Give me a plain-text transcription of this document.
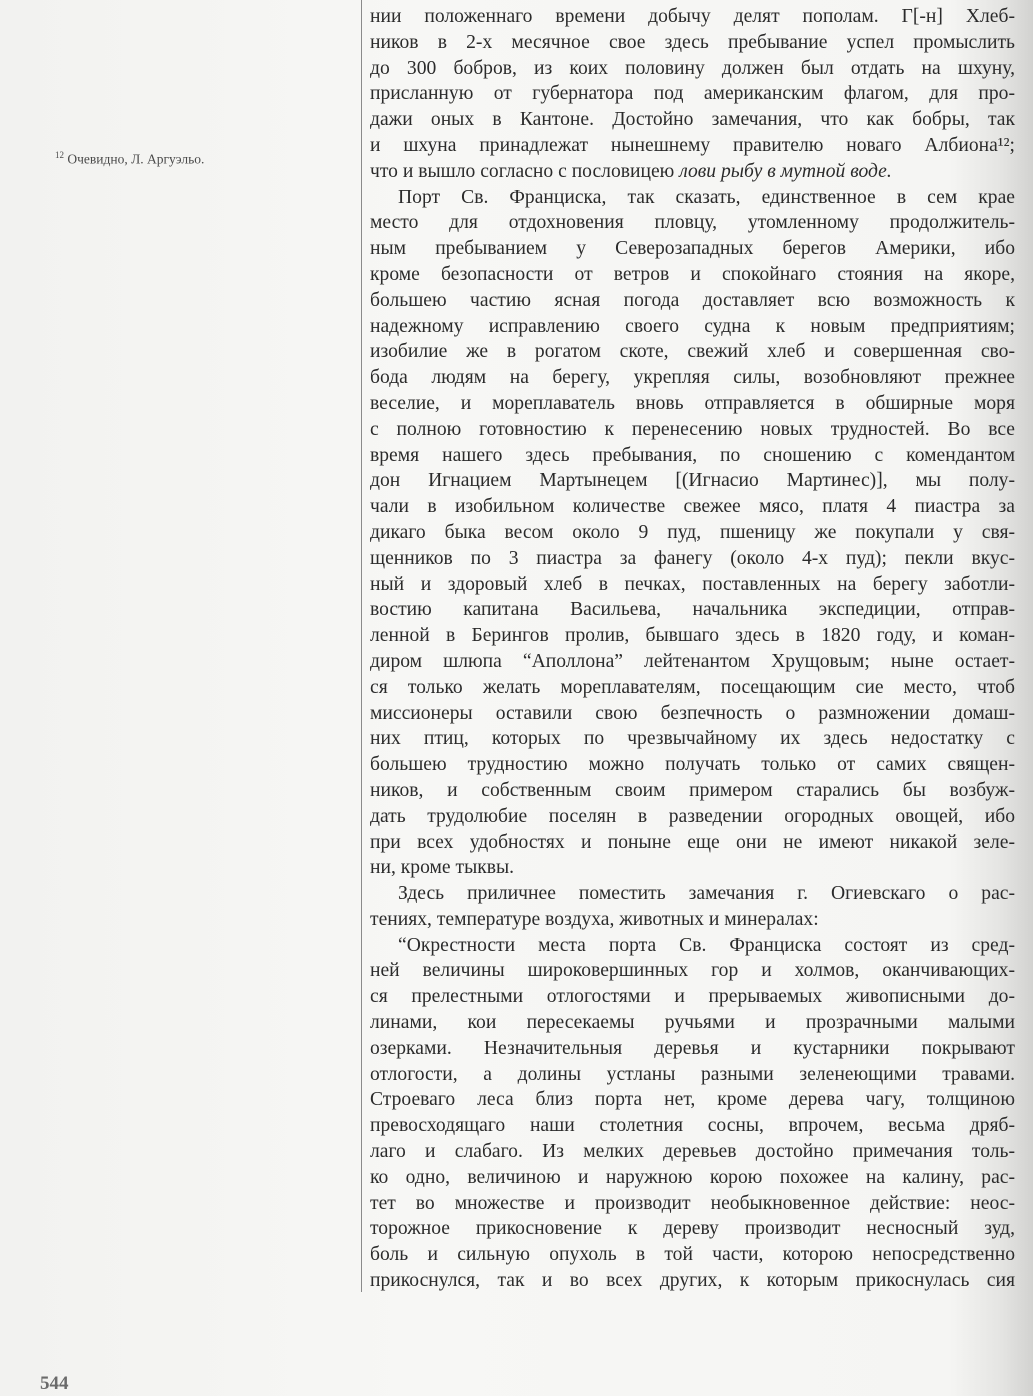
$^{12}$ Очевидно, Л. Аргуэльо.
нии положеннаго времени добычу делят пополам. Г[-н] Хлеб-
ников в 2-х месячное свое здесь пребывание успел промыслить
до 300 бобров, из коих половину должен был отдать на шхуну,
присланную от губернатора под американским флагом, для про-
дажи оных в Кантоне. Достойно замечания, что как бобры, так
и шхуна принадлежат нынешнему правителю новаго Албиона¹²;
что и вышло согласно с пословицею лови рыбу в мутной воде.
Порт Св. Франциска, так сказать, единственное в сем крае
место для отдохновения пловцу, утомленному продолжитель-
ным пребыванием у Северозападных берегов Америки, ибо
кроме безопасности от ветров и спокойнаго стояния на якоре,
большею частию ясная погода доставляет всю возможность к
надежному исправлению своего судна к новым предприятиям;
изобилие же в рогатом скоте, свежий хлеб и совершенная сво-
бода людям на берегу, укрепляя силы, возобновляют прежнее
веселие, и мореплаватель вновь отправляется в обширные моря
с полною готовностию к перенесению новых трудностей. Во все
время нашего здесь пребывания, по сношению с комендантом
дон Игнацием Мартынецем [(Игнасио Мартинес)], мы полу-
чали в изобильном количестве свежее мясо, платя 4 пиастра за
дикаго быка весом около 9 пуд, пшеницу же покупали у свя-
щенников по 3 пиастра за фанегу (около 4-х пуд); пекли вкус-
ный и здоровый хлеб в печках, поставленных на берегу заботли-
востию капитана Васильева, начальника экспедиции, отправ-
ленной в Берингов пролив, бывшаго здесь в 1820 году, и коман-
диром шлюпа “Аполлона” лейтенантом Хрущовым; ныне остает-
ся только желать мореплавателям, посещающим сие место, чтоб
миссионеры оставили свою безпечность о размножении домаш-
них птиц, которых по чрезвычайному их здесь недостатку с
большею трудностию можно получать только от самих священ-
ников, и собственным своим примером старались бы возбуж-
дать трудолюбие поселян в разведении огородных овощей, ибо
при всех удобностях и поныне еще они не имеют никакой зеле-
ни, кроме тыквы.
Здесь приличнее поместить замечания г. Огиевскаго о рас-
тениях, температуре воздуха, животных и минералах:
“Окрестности места порта Св. Франциска состоят из сред-
ней величины широковершинных гор и холмов, оканчивающих-
ся прелестными отлогостями и прерываемых живописными до-
линами, кои пересекаемы ручьями и прозрачными малыми
озерками. Незначительныя деревья и кустарники покрывают
отлогости, а долины устланы разными зеленеющими травами.
Строеваго леса близ порта нет, кроме дерева чагу, толщиною
превосходящаго наши столетния сосны, впрочем, весьма дряб-
лаго и слабаго. Из мелких деревьев достойно примечания толь-
ко одно, величиною и наружною корою похожее на калину, рас-
тет во множестве и производит необыкновенное действие: неос-
торожное прикосновение к дереву производит несносный зуд,
боль и сильную опухоль в той части, которою непосредственно
прикоснулся, так и во всех других, к которым прикоснулась сия
544
